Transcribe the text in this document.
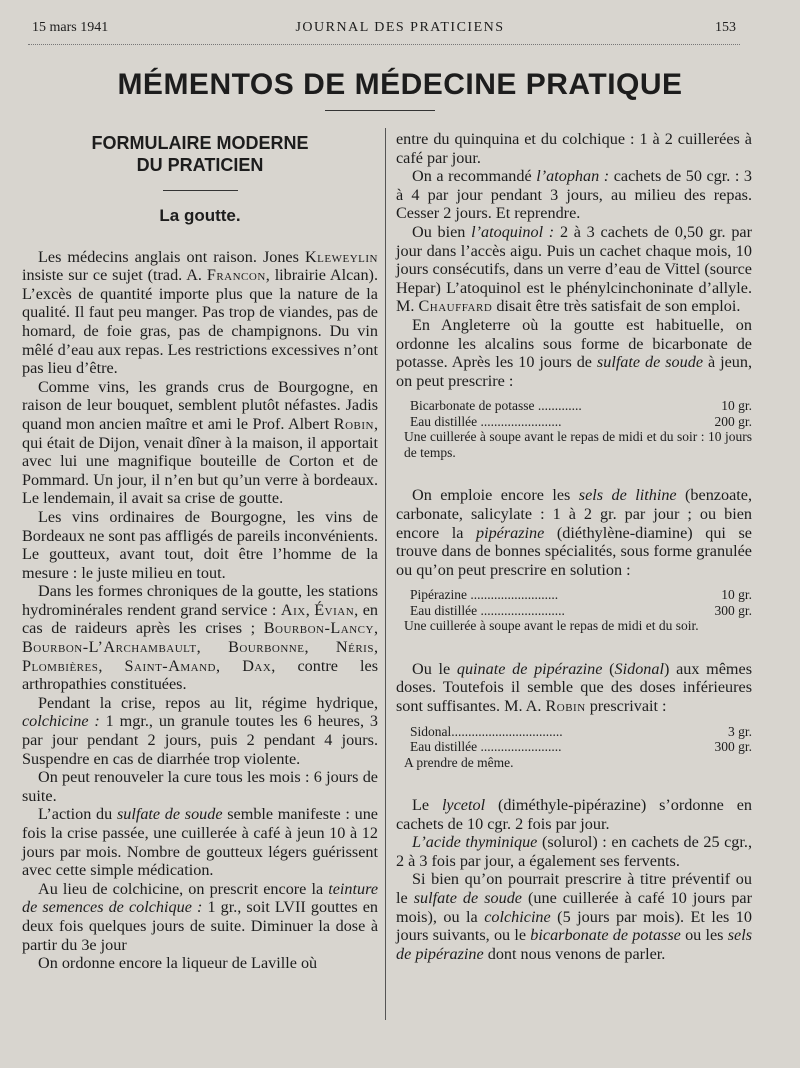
15 mars 1941	JOURNAL DES PRATICIENS	153
MÉMENTOS DE MÉDECINE PRATIQUE
FORMULAIRE MODERNE
DU PRATICIEN
La goutte.

Les médecins anglais ont raison. Jones Kleweylin insiste sur ce sujet (trad. A. Francon, librairie Alcan). L’excès de quantité importe plus que la nature de la qualité. Il faut peu manger. Pas trop de viandes, pas de homard, de foie gras, pas de champignons. Du vin mêlé d’eau aux repas. Les restrictions excessives n’ont pas lieu d’être.

Comme vins, les grands crus de Bourgogne, en raison de leur bouquet, semblent plutôt néfastes. Jadis quand mon ancien maître et ami le Prof. Albert Robin, qui était de Dijon, venait dîner à la maison, il apportait avec lui une magnifique bouteille de Corton et de Pommard. Un jour, il n’en but qu’un verre à bordeaux. Le lendemain, il avait sa crise de goutte.

Les vins ordinaires de Bourgogne, les vins de Bordeaux ne sont pas affligés de pareils inconvénients. Le goutteux, avant tout, doit être l’homme de la mesure : le juste milieu en tout.

Dans les formes chroniques de la goutte, les stations hydrominérales rendent grand service : Aix, Évian, en cas de raideurs après les crises ; Bourbon-Lancy, Bourbon-L’Archambault, Bourbonne, Néris, Plombières, Saint-Amand, Dax, contre les arthropathies constituées.

Pendant la crise, repos au lit, régime hydrique, colchicine : 1 mgr., un granule toutes les 6 heures, 3 par jour pendant 2 jours, puis 2 pendant 4 jours. Suspendre en cas de diarrhée trop violente.

On peut renouveler la cure tous les mois : 6 jours de suite.

L’action du sulfate de soude semble manifeste : une fois la crise passée, une cuillerée à café à jeun 10 à 12 jours par mois. Nombre de goutteux légers guérissent avec cette simple médication.

Au lieu de colchicine, on prescrit encore la teinture de semences de colchique : 1 gr., soit LVII gouttes en deux fois quelques jours de suite. Diminuer la dose à partir du 3e jour

On ordonne encore la liqueur de Laville où

entre du quinquina et du colchique : 1 à 2 cuillerées à café par jour.

On a recommandé l’atophan : cachets de 50 cgr. : 3 à 4 par jour pendant 3 jours, au milieu des repas. Cesser 2 jours. Et reprendre.

Ou bien l’atoquinol : 2 à 3 cachets de 0,50 gr. par jour dans l’accès aigu. Puis un cachet chaque mois, 10 jours consécutifs, dans un verre d’eau de Vittel (source Hepar) L’atoquinol est le phénylcinchoninate d’allyle. M. Chauffard disait être très satisfait de son emploi.

En Angleterre où la goutte est habituelle, on ordonne les alcalins sous forme de bicarbonate de potasse. Après les 10 jours de sulfate de soude à jeun, on peut prescrire :

Bicarbonate de potasse .............	10 gr.
Eau distillée ........................	200 gr.
Une cuillerée à soupe avant le repas de midi et du soir : 10 jours de temps.

On emploie encore les sels de lithine (benzoate, carbonate, salicylate : 1 à 2 gr. par jour ; ou bien encore la pipérazine (diéthylène-diamine) qui se trouve dans de bonnes spécialités, sous forme granulée ou qu’on peut prescrire en solution :

Pipérazine ..........................	10 gr.
Eau distillée .........................	300 gr.
Une cuillerée à soupe avant le repas de midi et du soir.

Ou le quinate de pipérazine (Sidonal) aux mêmes doses. Toutefois il semble que des doses inférieures sont suffisantes. M. A. Robin prescrivait :

Sidonal.................................	3 gr.
Eau distillée ........................	300 gr.
A prendre de même.

Le lycetol (diméthyle-pipérazine) s’ordonne en cachets de 10 cgr. 2 fois par jour.

L’acide thyminique (solurol) : en cachets de 25 cgr., 2 à 3 fois par jour, a également ses fervents.

Si bien qu’on pourrait prescrire à titre préventif ou le sulfate de soude (une cuillerée à café 10 jours par mois), ou la colchicine (5 jours par mois). Et les 10 jours suivants, ou le bicarbonate de potasse ou les sels de pipérazine dont nous venons de parler.
